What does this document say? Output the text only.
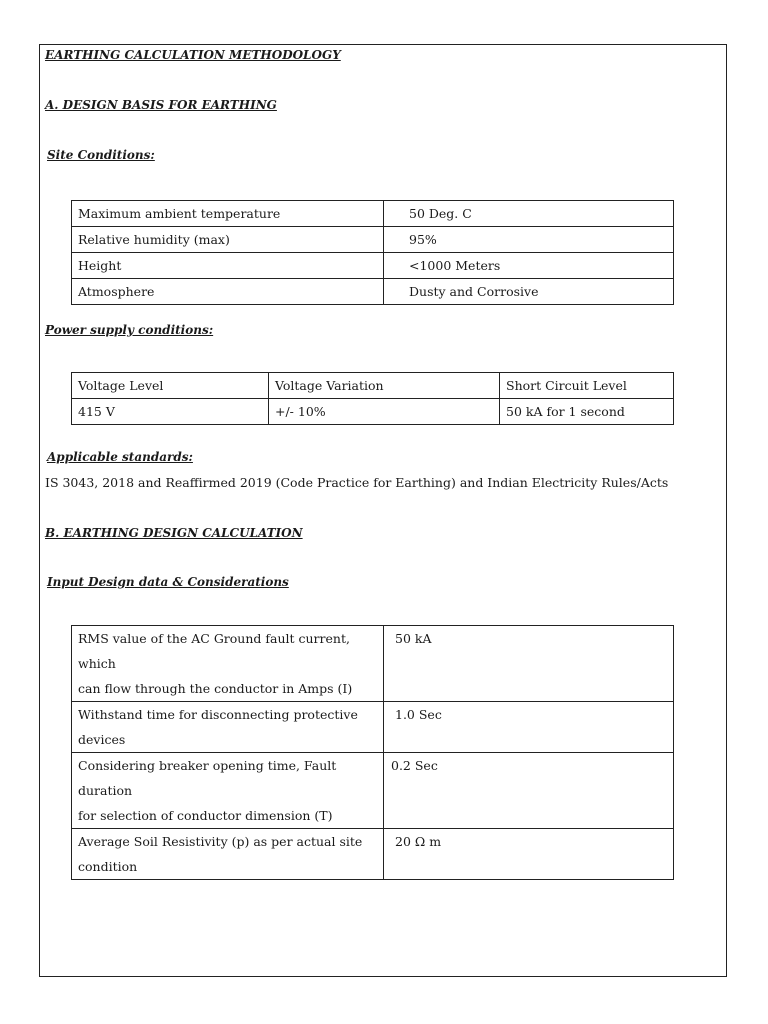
EARTHING CALCULATION METHODOLOGY
A. DESIGN BASIS FOR EARTHING
Site Conditions:
Maximum ambient temperature	50 Deg. C
Relative humidity (max)	95%
Height	<1000 Meters
Atmosphere	Dusty and Corrosive
Power supply conditions:
Voltage Level	Voltage Variation	Short Circuit Level
415 V	+/- 10%	50 kA for 1 second
Applicable standards:
IS 3043, 2018 and Reaffirmed 2019 (Code Practice for Earthing) and Indian Electricity Rules/Acts
B. EARTHING DESIGN CALCULATION
Input Design data & Considerations
RMS value of the AC Ground fault current, which
can flow through the conductor in Amps (I)	50 kA

Withstand time for disconnecting protective
devices	1.0 Sec

Considering breaker opening time, Fault duration
for selection of conductor dimension (T)	0.2 Sec

Average Soil Resistivity (p) as per actual site
condition	20 Ω m
